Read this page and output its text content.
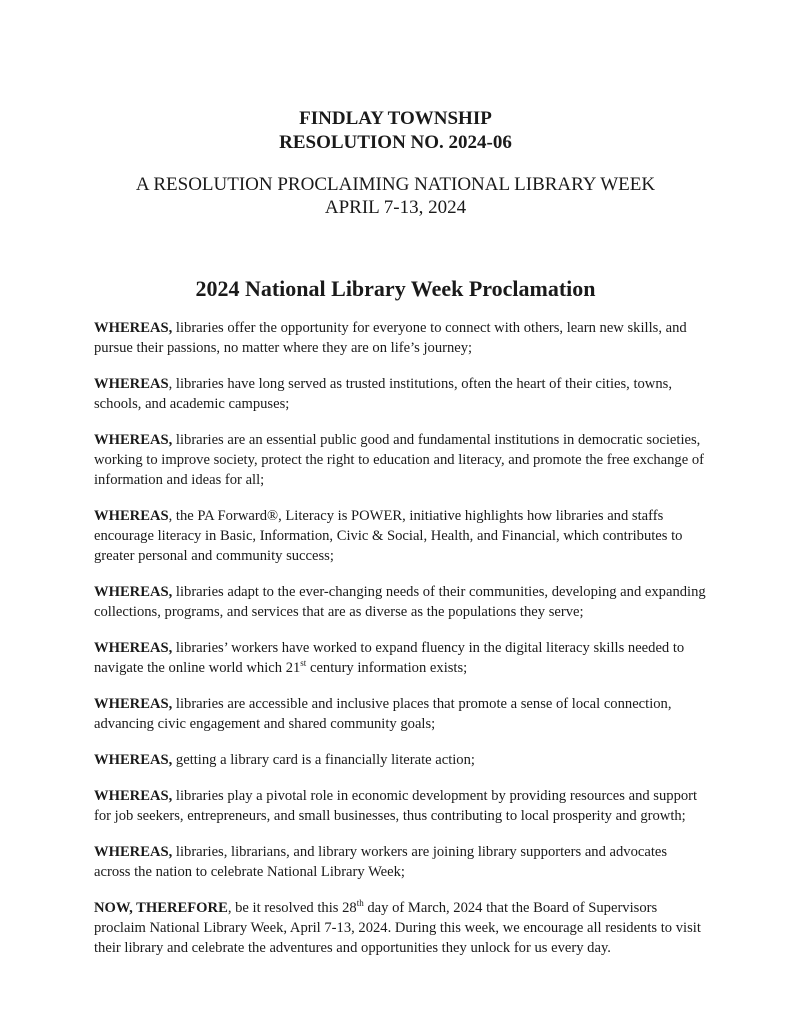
FINDLAY TOWNSHIP
RESOLUTION NO. 2024-06
A RESOLUTION PROCLAIMING NATIONAL LIBRARY WEEK
APRIL 7-13, 2024
2024 National Library Week Proclamation

WHEREAS, libraries offer the opportunity for everyone to connect with others, learn new skills, and pursue their passions, no matter where they are on life’s journey;

WHEREAS, libraries have long served as trusted institutions, often the heart of their cities, towns, schools, and academic campuses;

WHEREAS, libraries are an essential public good and fundamental institutions in democratic societies, working to improve society, protect the right to education and literacy, and promote the free exchange of information and ideas for all;

WHEREAS, the PA Forward®, Literacy is POWER, initiative highlights how libraries and staffs encourage literacy in Basic, Information, Civic & Social, Health, and Financial, which contributes to greater personal and community success;

WHEREAS, libraries adapt to the ever-changing needs of their communities, developing and expanding collections, programs, and services that are as diverse as the populations they serve;

WHEREAS, libraries’ workers have worked to expand fluency in the digital literacy skills needed to navigate the online world which 21st century information exists;

WHEREAS, libraries are accessible and inclusive places that promote a sense of local connection, advancing civic engagement and shared community goals;

WHEREAS, getting a library card is a financially literate action;

WHEREAS, libraries play a pivotal role in economic development by providing resources and support for job seekers, entrepreneurs, and small businesses, thus contributing to local prosperity and growth;

WHEREAS, libraries, librarians, and library workers are joining library supporters and advocates across the nation to celebrate National Library Week;

NOW, THEREFORE, be it resolved this 28th day of March, 2024 that the Board of Supervisors proclaim National Library Week, April 7-13, 2024. During this week, we encourage all residents to visit their library and celebrate the adventures and opportunities they unlock for us every day.
